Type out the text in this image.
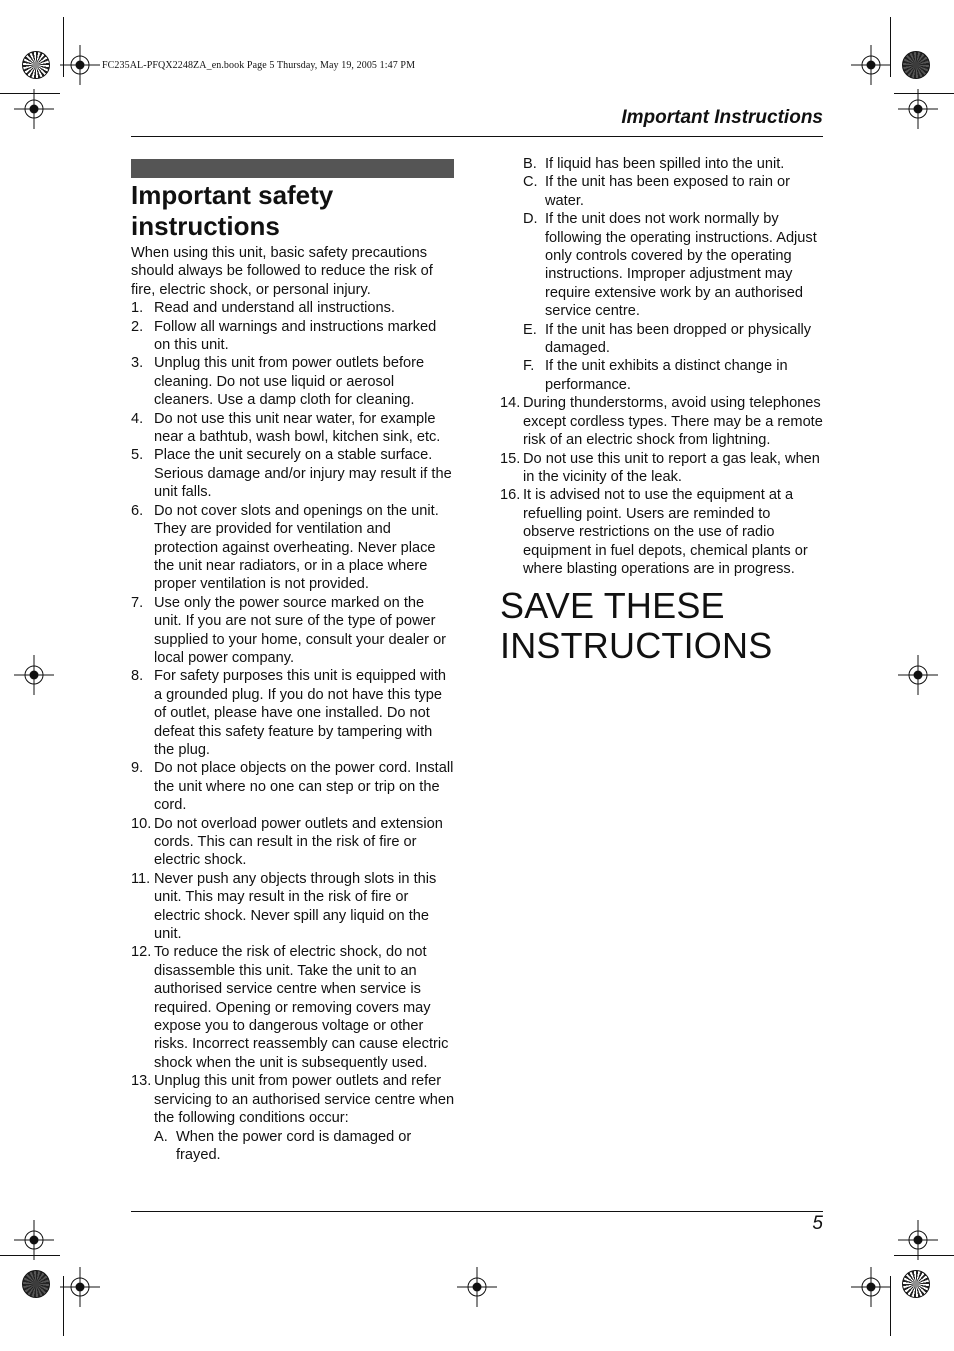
FC235AL-PFQX2248ZA_en.book Page 5 Thursday, May 19, 2005 1:47 PM
Important Instructions
Important safety instructions

When using this unit, basic safety precautions should always be followed to reduce the risk of fire, electric shock, or personal injury.

1. Read and understand all instructions.
2. Follow all warnings and instructions marked on this unit.
3. Unplug this unit from power outlets before cleaning. Do not use liquid or aerosol cleaners. Use a damp cloth for cleaning.
4. Do not use this unit near water, for example near a bathtub, wash bowl, kitchen sink, etc.
5. Place the unit securely on a stable surface. Serious damage and/or injury may result if the unit falls.
6. Do not cover slots and openings on the unit. They are provided for ventilation and protection against overheating. Never place the unit near radiators, or in a place where proper ventilation is not provided.
7. Use only the power source marked on the unit. If you are not sure of the type of power supplied to your home, consult your dealer or local power company.
8. For safety purposes this unit is equipped with a grounded plug. If you do not have this type of outlet, please have one installed. Do not defeat this safety feature by tampering with the plug.
9. Do not place objects on the power cord. Install the unit where no one can step or trip on the cord.
10. Do not overload power outlets and extension cords. This can result in the risk of fire or electric shock.
11. Never push any objects through slots in this unit. This may result in the risk of fire or electric shock. Never spill any liquid on the unit.
12. To reduce the risk of electric shock, do not disassemble this unit. Take the unit to an authorised service centre when service is required. Opening or removing covers may expose you to dangerous voltage or other risks. Incorrect reassembly can cause electric shock when the unit is subsequently used.
13. Unplug this unit from power outlets and refer servicing to an authorised service centre when the following conditions occur:
A. When the power cord is damaged or frayed.
B. If liquid has been spilled into the unit.
C. If the unit has been exposed to rain or water.
D. If the unit does not work normally by following the operating instructions. Adjust only controls covered by the operating instructions. Improper adjustment may require extensive work by an authorised service centre.
E. If the unit has been dropped or physically damaged.
F. If the unit exhibits a distinct change in performance.
14. During thunderstorms, avoid using telephones except cordless types. There may be a remote risk of an electric shock from lightning.
15. Do not use this unit to report a gas leak, when in the vicinity of the leak.
16. It is advised not to use the equipment at a refuelling point. Users are reminded to observe restrictions on the use of radio equipment in fuel depots, chemical plants or where blasting operations are in progress.
SAVE THESE INSTRUCTIONS
5
